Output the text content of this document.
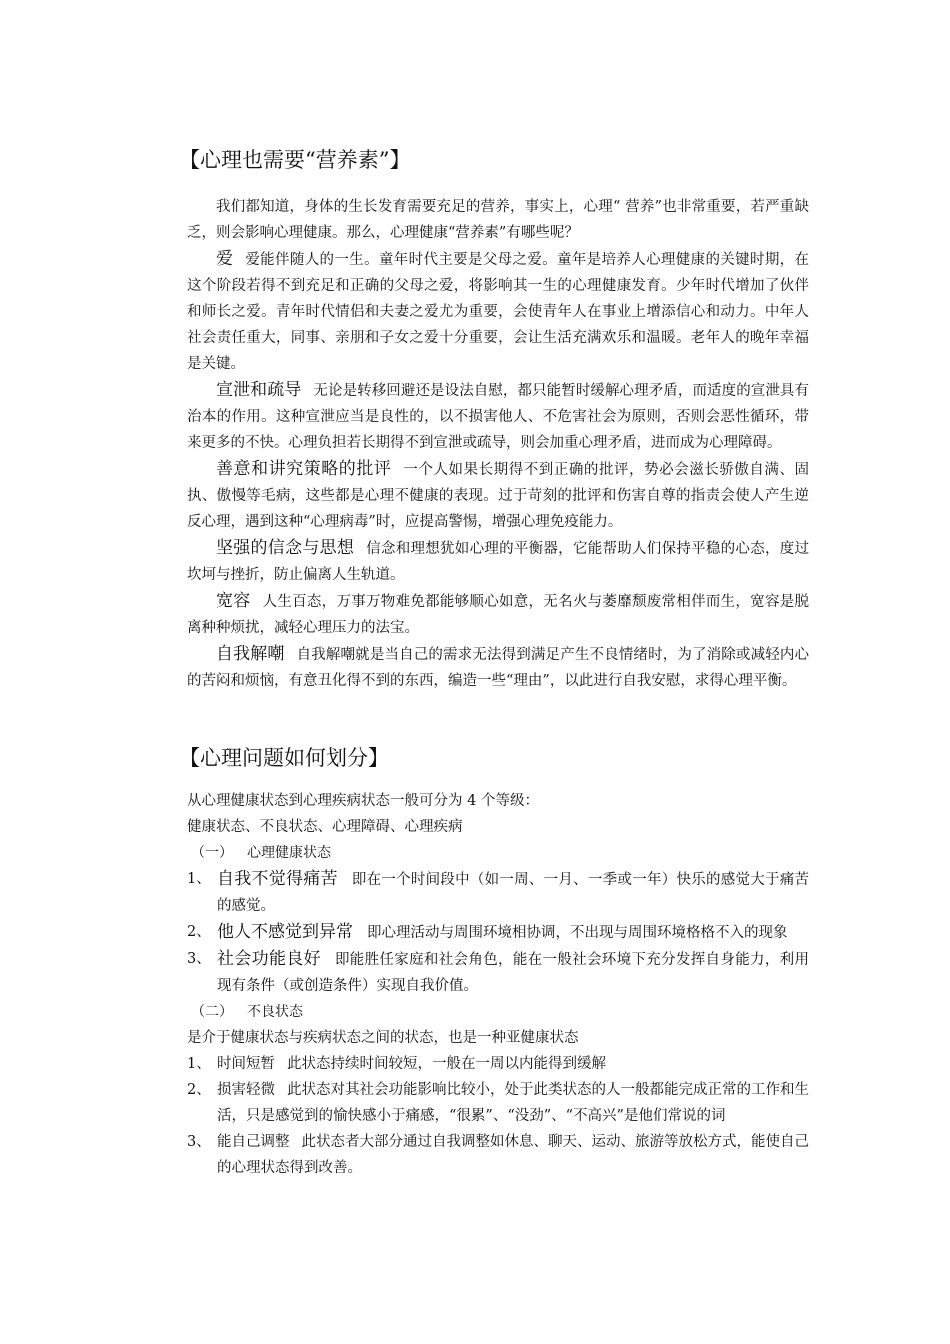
【心理也需要“营养素”】

我们都知道，身体的生长发育需要充足的营养，事实上，心理“ 营养”也非常重要，若严重缺乏，则会影响心理健康。那么，心理健康“营养素”有哪些呢？

爱 爱能伴随人的一生。童年时代主要是父母之爱。童年是培养人心理健康的关键时期，在这个阶段若得不到充足和正确的父母之爱，将影响其一生的心理健康发育。少年时代增加了伙伴和师长之爱。青年时代情侣和夫妻之爱尤为重要，会使青年人在事业上增添信心和动力。中年人社会责任重大，同事、亲朋和子女之爱十分重要，会让生活充满欢乐和温暖。老年人的晚年幸福是关键。

宣泄和疏导 无论是转移回避还是设法自慰，都只能暂时缓解心理矛盾，而适度的宣泄具有治本的作用。这种宣泄应当是良性的，以不损害他人、不危害社会为原则，否则会恶性循环，带来更多的不快。心理负担若长期得不到宣泄或疏导，则会加重心理矛盾，进而成为心理障碍。

善意和讲究策略的批评 一个人如果长期得不到正确的批评，势必会滋长骄傲自满、固执、傲慢等毛病，这些都是心理不健康的表现。过于苛刻的批评和伤害自尊的指责会使人产生逆反心理，遇到这种“心理病毒”时，应提高警惕，增强心理免疫能力。

坚强的信念与思想 信念和理想犹如心理的平衡器，它能帮助人们保持平稳的心态，度过坎坷与挫折，防止偏离人生轨道。

宽容 人生百态，万事万物难免都能够顺心如意，无名火与萎靡颓废常相伴而生，宽容是脱离种种烦扰，减轻心理压力的法宝。

自我解嘲 自我解嘲就是当自己的需求无法得到满足产生不良情绪时，为了消除或减轻内心的苦闷和烦恼，有意丑化得不到的东西，编造一些“理由”，以此进行自我安慰，求得心理平衡。

【心理问题如何划分】

从心理健康状态到心理疾病状态一般可分为 4 个等级：

健康状态、不良状态、心理障碍、心理疾病

（一） 心理健康状态
1、 自我不觉得痛苦 即在一个时间段中（如一周、一月、一季或一年）快乐的感觉大于痛苦的感觉。
2、 他人不感觉到异常 即心理活动与周围环境相协调，不出现与周围环境格格不入的现象
3、 社会功能良好 即能胜任家庭和社会角色，能在一般社会环境下充分发挥自身能力，利用现有条件（或创造条件）实现自我价值。
（二） 不良状态

是介于健康状态与疾病状态之间的状态，也是一种亚健康状态

1、 时间短暂 此状态持续时间较短，一般在一周以内能得到缓解
2、 损害轻微 此状态对其社会功能影响比较小，处于此类状态的人一般都能完成正常的工作和生活，只是感觉到的愉快感小于痛感，“很累”、“没劲”、“不高兴”是他们常说的词
3、 能自己调整 此状态者大部分通过自我调整如休息、聊天、运动、旅游等放松方式，能使自己的心理状态得到改善。
